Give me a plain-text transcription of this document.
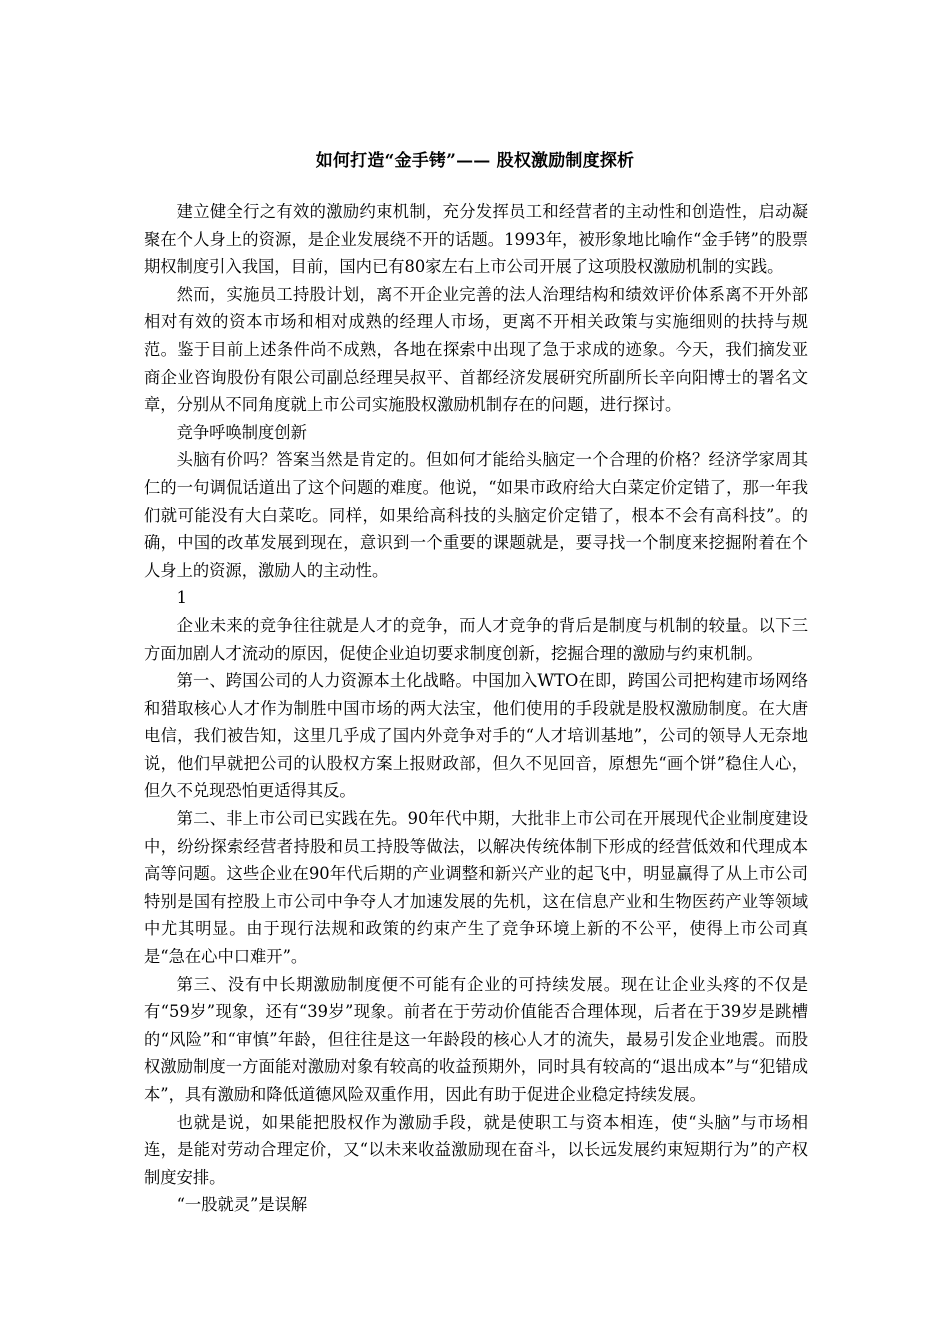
如何打造“金手铐”—— 股权激励制度探析

建立健全行之有效的激励约束机制，充分发挥员工和经营者的主动性和创造性，启动凝聚在个人身上的资源，是企业发展绕不开的话题。1993年，被形象地比喻作“金手铐”的股票期权制度引入我国，目前，国内已有80家左右上市公司开展了这项股权激励机制的实践。

然而，实施员工持股计划，离不开企业完善的法人治理结构和绩效评价体系离不开外部相对有效的资本市场和相对成熟的经理人市场，更离不开相关政策与实施细则的扶持与规范。鉴于目前上述条件尚不成熟，各地在探索中出现了急于求成的迹象。今天，我们摘发亚商企业咨询股份有限公司副总经理吴叔平、首都经济发展研究所副所长辛向阳博士的署名文章，分别从不同角度就上市公司实施股权激励机制存在的问题，进行探讨。

竞争呼唤制度创新

头脑有价吗？答案当然是肯定的。但如何才能给头脑定一个合理的价格？经济学家周其仁的一句调侃话道出了这个问题的难度。他说，“如果市政府给大白菜定价定错了，那一年我们就可能没有大白菜吃。同样，如果给高科技的头脑定价定错了，根本不会有高科技”。的确，中国的改革发展到现在，意识到一个重要的课题就是，要寻找一个制度来挖掘附着在个人身上的资源，激励人的主动性。

1

企业未来的竞争往往就是人才的竞争，而人才竞争的背后是制度与机制的较量。以下三方面加剧人才流动的原因，促使企业迫切要求制度创新，挖掘合理的激励与约束机制。

第一、跨国公司的人力资源本土化战略。中国加入WTO在即，跨国公司把构建市场网络和猎取核心人才作为制胜中国市场的两大法宝，他们使用的手段就是股权激励制度。在大唐电信，我们被告知，这里几乎成了国内外竞争对手的“人才培训基地”，公司的领导人无奈地说，他们早就把公司的认股权方案上报财政部，但久不见回音，原想先“画个饼”稳住人心，但久不兑现恐怕更适得其反。

第二、非上市公司已实践在先。90年代中期，大批非上市公司在开展现代企业制度建设中，纷纷探索经营者持股和员工持股等做法，以解决传统体制下形成的经营低效和代理成本高等问题。这些企业在90年代后期的产业调整和新兴产业的起飞中，明显赢得了从上市公司特别是国有控股上市公司中争夺人才加速发展的先机，这在信息产业和生物医药产业等领域中尤其明显。由于现行法规和政策的约束产生了竞争环境上新的不公平，使得上市公司真是“急在心中口难开”。

第三、没有中长期激励制度便不可能有企业的可持续发展。现在让企业头疼的不仅是有“59岁”现象，还有“39岁”现象。前者在于劳动价值能否合理体现，后者在于39岁是跳槽的“风险”和“审慎”年龄，但往往是这一年龄段的核心人才的流失，最易引发企业地震。而股权激励制度一方面能对激励对象有较高的收益预期外，同时具有较高的“退出成本”与“犯错成本”，具有激励和降低道德风险双重作用，因此有助于促进企业稳定持续发展。

也就是说，如果能把股权作为激励手段，就是使职工与资本相连，使“头脑”与市场相连，是能对劳动合理定价，又“以未来收益激励现在奋斗，以长远发展约束短期行为”的产权制度安排。

“一股就灵”是误解
